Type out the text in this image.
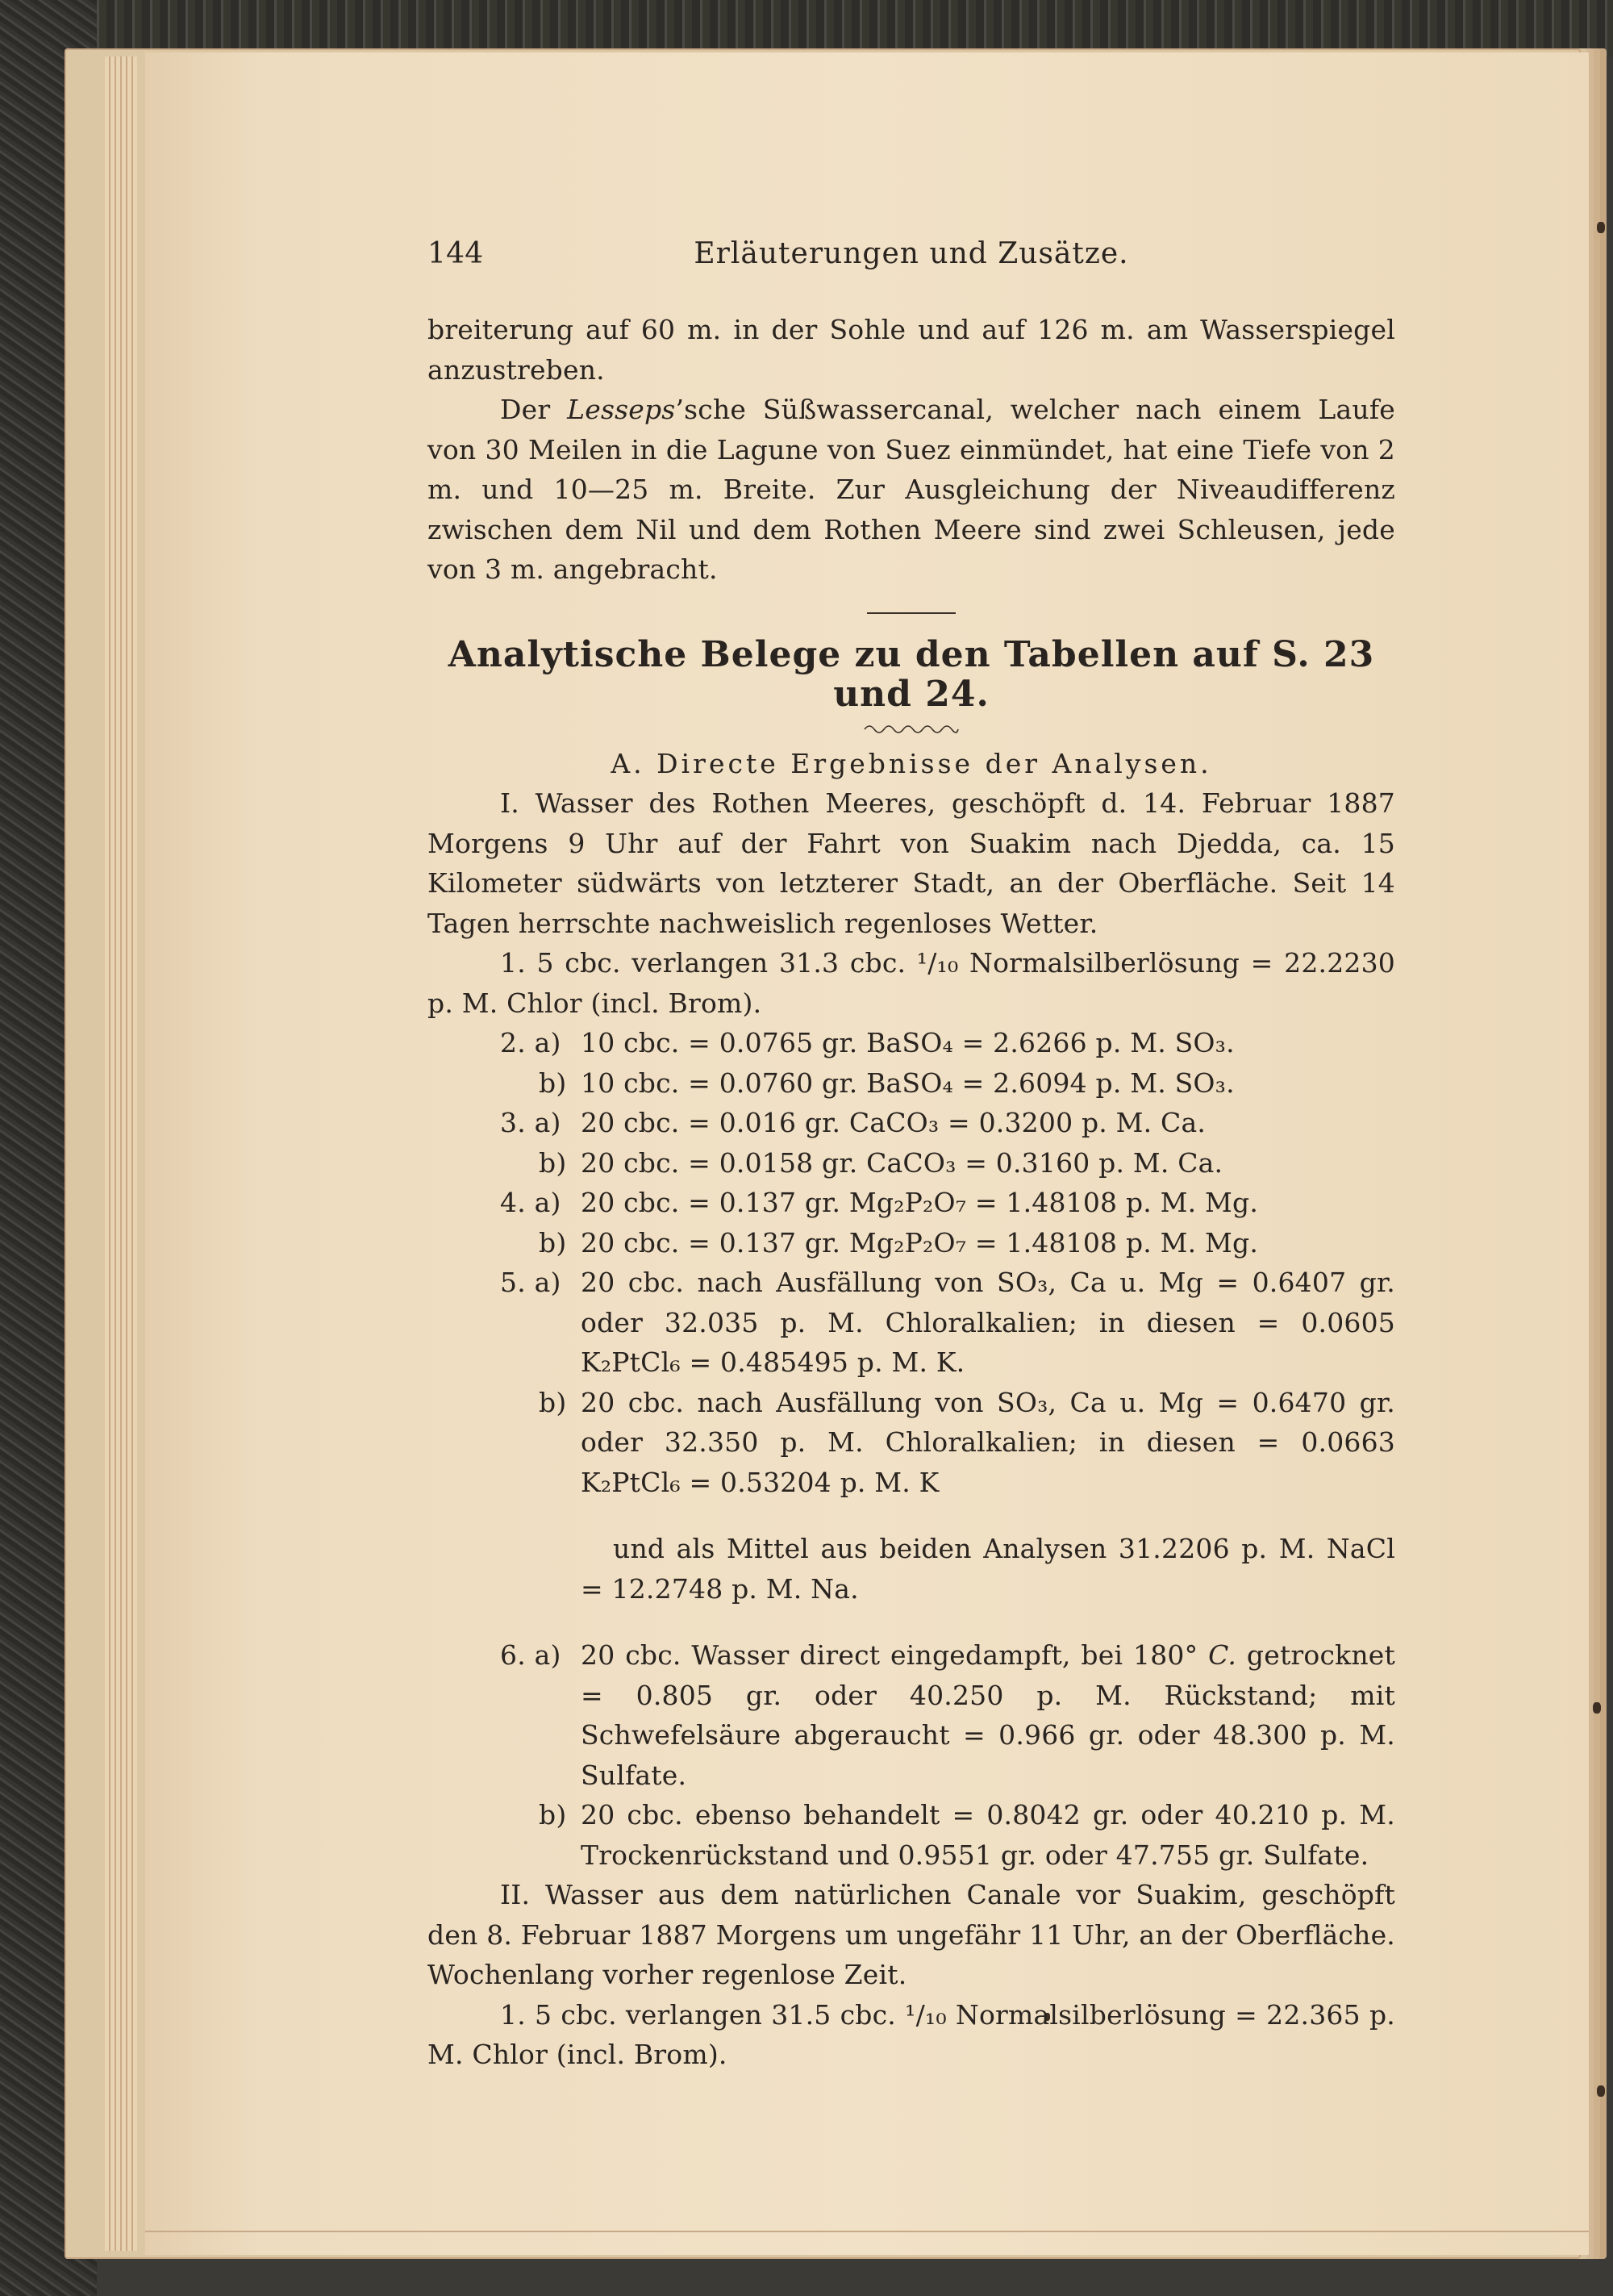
144	Erläuterungen und Zusätze.

breiterung auf 60 m. in der Sohle und auf 126 m. am Wasserspiegel anzustreben.

Der Lesseps’sche Süßwassercanal, welcher nach einem Laufe von 30 Meilen in die Lagune von Suez einmündet, hat eine Tiefe von 2 m. und 10—25 m. Breite. Zur Ausgleichung der Niveaudifferenz zwischen dem Nil und dem Rothen Meere sind zwei Schleusen, jede von 3 m. angebracht.

Analytische Belege zu den Tabellen auf S. 23 und 24.
A. Directe Ergebnisse der Analysen.

I. Wasser des Rothen Meeres, geschöpft d. 14. Februar 1887 Morgens 9 Uhr auf der Fahrt von Suakim nach Djedda, ca. 15 Kilometer südwärts von letzterer Stadt, an der Oberfläche. Seit 14 Tagen herrschte nachweislich regenloses Wetter.

1. 5 cbc. verlangen 31.3 cbc. ¹/₁₀ Normalsilberlösung = 22.2230 p. M. Chlor (incl. Brom).

2. a) 10 cbc. = 0.0765 gr. BaSO₄ = 2.6266 p. M. SO₃.
b) 10 cbc. = 0.0760 gr. BaSO₄ = 2.6094 p. M. SO₃.
3. a) 20 cbc. = 0.016 gr. CaCO₃ = 0.3200 p. M. Ca.
b) 20 cbc. = 0.0158 gr. CaCO₃ = 0.3160 p. M. Ca.
4. a) 20 cbc. = 0.137 gr. Mg₂P₂O₇ = 1.48108 p. M. Mg.
b) 20 cbc. = 0.137 gr. Mg₂P₂O₇ = 1.48108 p. M. Mg.
5. a) 20 cbc. nach Ausfällung von SO₃, Ca u. Mg = 0.6407 gr. oder 32.035 p. M. Chloralkalien; in diesen = 0.0605 K₂PtCl₆ = 0.485495 p. M. K.
b) 20 cbc. nach Ausfällung von SO₃, Ca u. Mg = 0.6470 gr. oder 32.350 p. M. Chloralkalien; in diesen = 0.0663 K₂PtCl₆ = 0.53204 p. M. K

und als Mittel aus beiden Analysen 31.2206 p. M. NaCl = 12.2748 p. M. Na.

6. a) 20 cbc. Wasser direct eingedampft, bei 180° C. getrocknet = 0.805 gr. oder 40.250 p. M. Rückstand; mit Schwefelsäure abgeraucht = 0.966 gr. oder 48.300 p. M. Sulfate.
b) 20 cbc. ebenso behandelt = 0.8042 gr. oder 40.210 p. M. Trockenrückstand und 0.9551 gr. oder 47.755 gr. Sulfate.

II. Wasser aus dem natürlichen Canale vor Suakim, geschöpft den 8. Februar 1887 Morgens um ungefähr 11 Uhr, an der Oberfläche. Wochenlang vorher regenlose Zeit.

1. 5 cbc. verlangen 31.5 cbc. ¹/₁₀ Normalsilberlösung = 22.365 p. M. Chlor (incl. Brom).
